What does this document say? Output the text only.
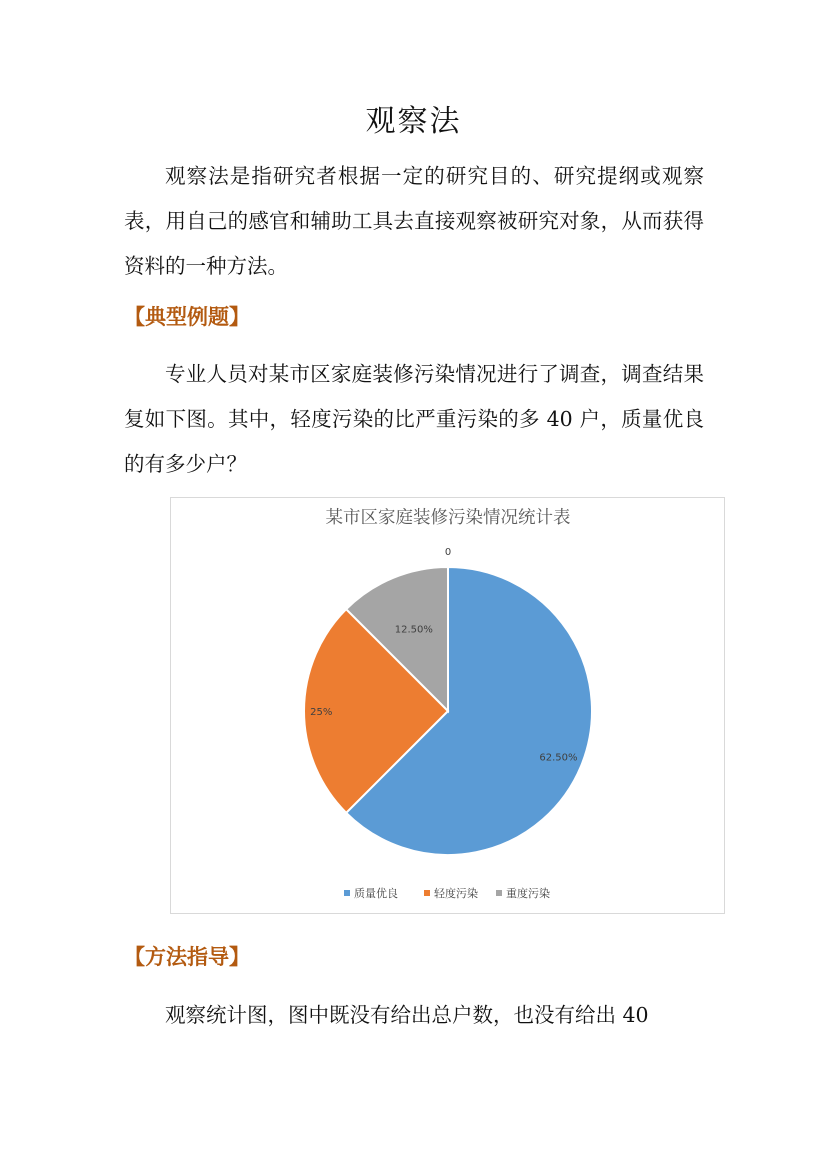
观察法

观察法是指研究者根据一定的研究目的、研究提纲或观察表，用自己的感官和辅助工具去直接观察被研究对象，从而获得资料的一种方法。

【典型例题】

专业人员对某市区家庭装修污染情况进行了调查，调查结果复如下图。其中，轻度污染的比严重污染的多 40 户，质量优良的有多少户？

某市区家庭装修污染情况统计表
62.50%
25%
12.50%
0
质量优良	轻度污染	重度污染
【方法指导】

观察统计图，图中既没有给出总户数，也没有给出 40
